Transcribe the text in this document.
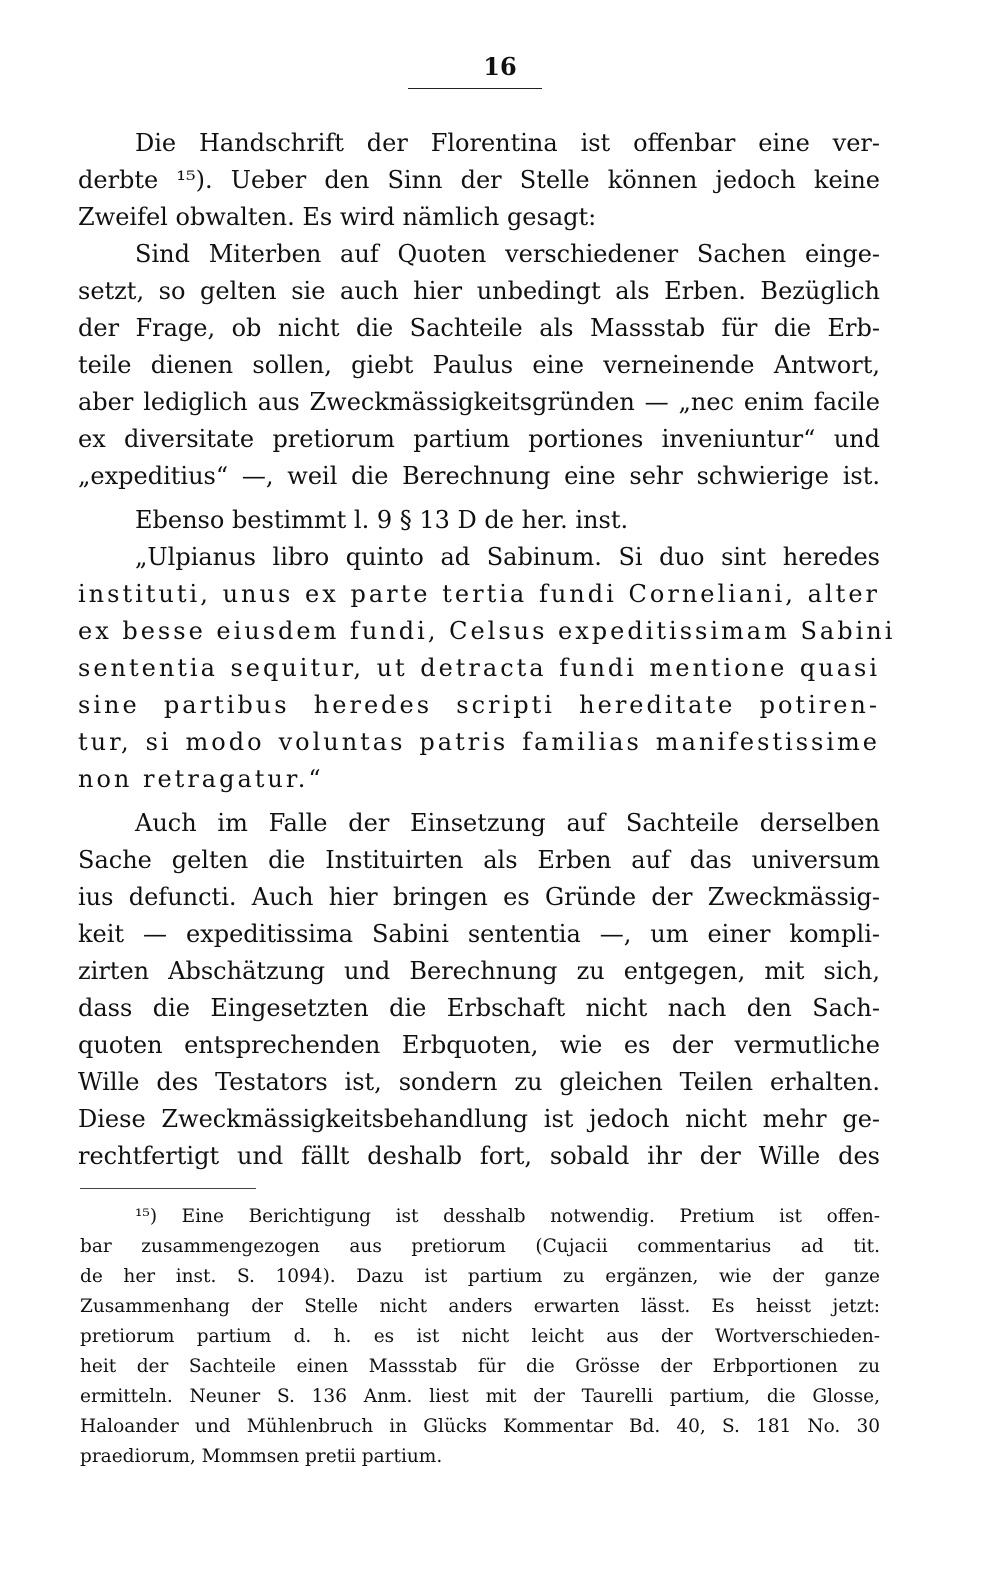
16
Die Handschrift der Florentina ist offenbar eine ver-
derbte ¹⁵). Ueber den Sinn der Stelle können jedoch keine
Zweifel obwalten. Es wird nämlich gesagt:
Sind Miterben auf Quoten verschiedener Sachen einge-
setzt, so gelten sie auch hier unbedingt als Erben. Bezüglich
der Frage, ob nicht die Sachteile als Massstab für die Erb-
teile dienen sollen, giebt Paulus eine verneinende Antwort,
aber lediglich aus Zweckmässigkeitsgründen — „nec enim facile
ex diversitate pretiorum partium portiones inveniuntur“ und
„expeditius“ —, weil die Berechnung eine sehr schwierige ist.
Ebenso bestimmt l. 9 § 13 D de her. inst.
„Ulpianus libro quinto ad Sabinum. Si duo sint heredes
instituti, unus ex parte tertia fundi Corneliani, alter
ex besse eiusdem fundi, Celsus expeditissimam Sabini
sententia sequitur, ut detracta fundi mentione quasi
sine partibus heredes scripti hereditate potiren-
tur, si modo voluntas patris familias manifestissime
non retragatur.“
Auch im Falle der Einsetzung auf Sachteile derselben
Sache gelten die Instituirten als Erben auf das universum
ius defuncti. Auch hier bringen es Gründe der Zweckmässig-
keit — expeditissima Sabini sententia —, um einer kompli-
zirten Abschätzung und Berechnung zu entgegen, mit sich,
dass die Eingesetzten die Erbschaft nicht nach den Sach-
quoten entsprechenden Erbquoten, wie es der vermutliche
Wille des Testators ist, sondern zu gleichen Teilen erhalten.
Diese Zweckmässigkeitsbehandlung ist jedoch nicht mehr ge-
rechtfertigt und fällt deshalb fort, sobald ihr der Wille des
¹⁵) Eine Berichtigung ist desshalb notwendig. Pretium ist offen-
bar zusammengezogen aus pretiorum (Cujacii commentarius ad tit.
de her inst. S. 1094). Dazu ist partium zu ergänzen, wie der ganze
Zusammenhang der Stelle nicht anders erwarten lässt. Es heisst jetzt:
pretiorum partium d. h. es ist nicht leicht aus der Wortverschieden-
heit der Sachteile einen Massstab für die Grösse der Erbportionen zu
ermitteln. Neuner S. 136 Anm. liest mit der Taurelli partium, die Glosse,
Haloander und Mühlenbruch in Glücks Kommentar Bd. 40, S. 181 No. 30
praediorum, Mommsen pretii partium.
